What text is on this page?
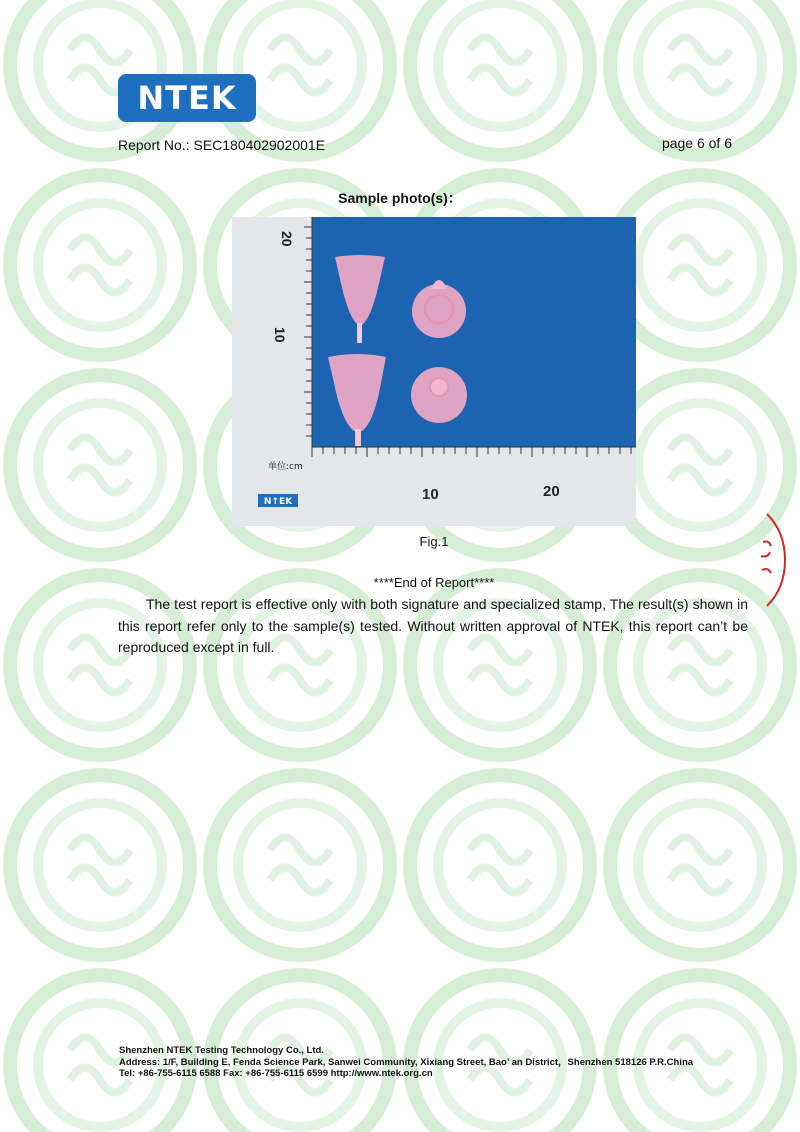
NTEK
Report No.: SEC180402902001E	page 6 of 6
Sample photo(s)：
20
10
单位:cm
10	20
N↑EK
Fig.1
****End of Report****
The test report is effective only with both signature and specialized stamp, The result(s) shown in this report refer only to the sample(s) tested. Without written approval of NTEK, this report can’t be reproduced except in full.
Shenzhen NTEK Testing Technology Co., Ltd.
Address: 1/F, Building E, Fenda Science Park, Sanwei Community, Xixiang Street, Bao’ an District，Shenzhen 518126 P.R.China
Tel: +86-755-6115 6588 Fax: +86-755-6115 6599 http://www.ntek.org.cn
